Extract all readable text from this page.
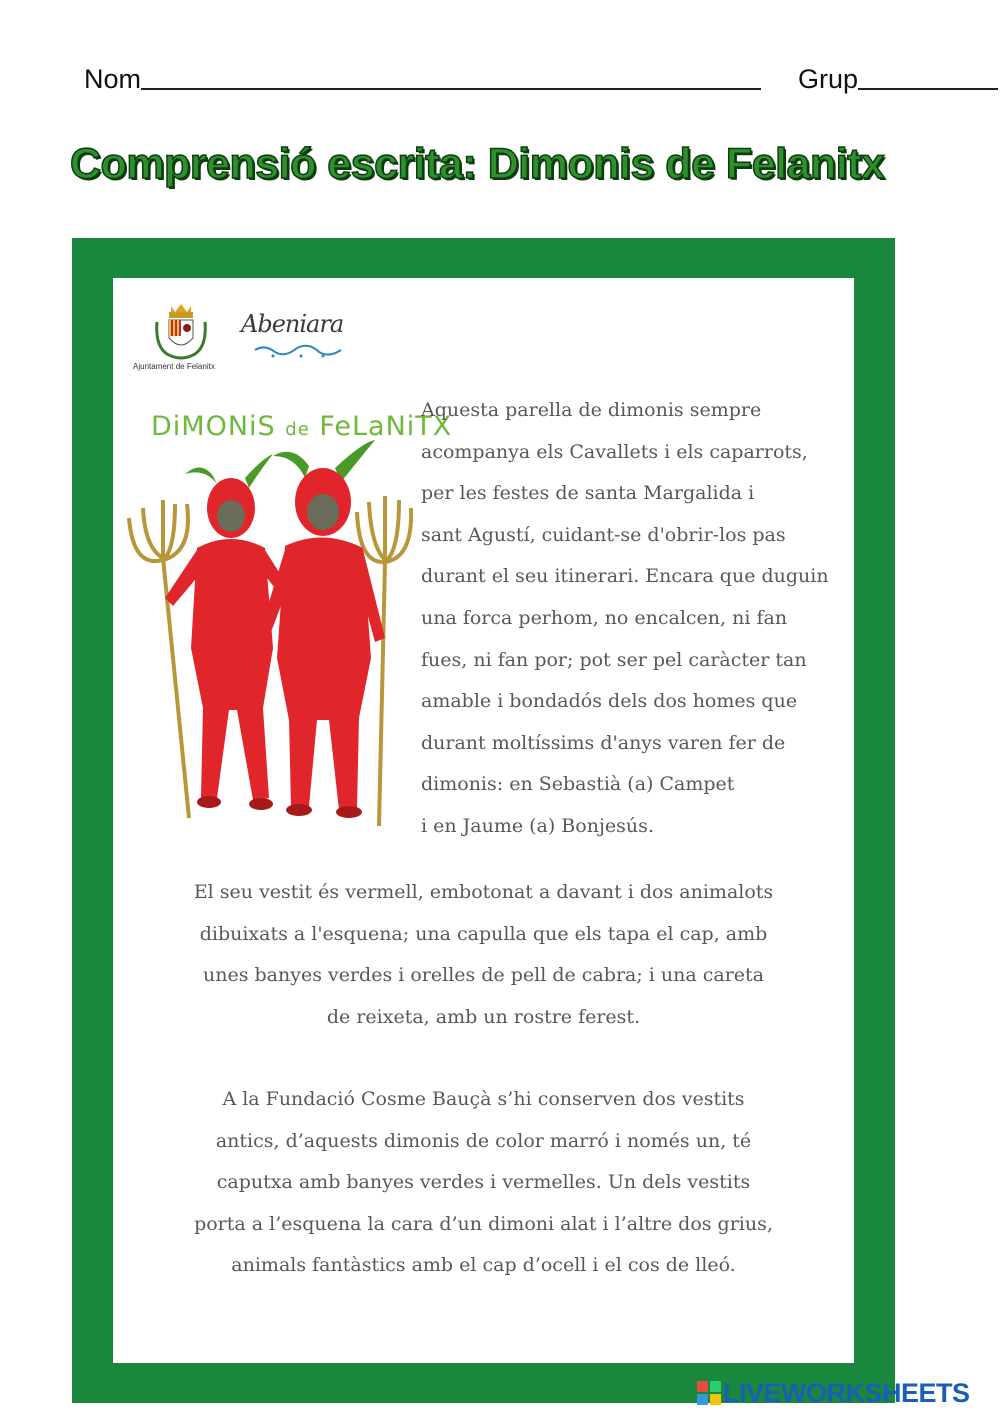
Nom	Grup
Comprensió escrita: Dimonis de Felanitx
Ajuntament de Felanitx
Abeniara
DiMONiS de FeLaNiTX
Aquesta parella de dimonis sempre
acompanya els Cavallets i els caparrots,
per les festes de santa Margalida i
sant Agustí, cuidant-se d'obrir-los pas
durant el seu itinerari. Encara que duguin
una forca perhom, no encalcen, ni fan
fues, ni fan por; pot ser pel caràcter tan
amable i bondadós dels dos homes que
durant moltíssims d'anys varen fer de
dimonis: en Sebastià (a) Campet
i en Jaume (a) Bonjesús.
El seu vestit és vermell, embotonat a davant i dos animalots
dibuixats a l'esquena; una capulla que els tapa el cap, amb
unes banyes verdes i orelles de pell de cabra; i una careta
de reixeta, amb un rostre ferest.
A la Fundació Cosme Bauçà s’hi conserven dos vestits
antics, d’aquests dimonis de color marró i només un, té
caputxa amb banyes verdes i vermelles. Un dels vestits
porta a l’esquena la cara d’un dimoni alat i l’altre dos grius,
animals fantàstics amb el cap d’ocell i el cos de lleó.
LIVEWORKSHEETS
